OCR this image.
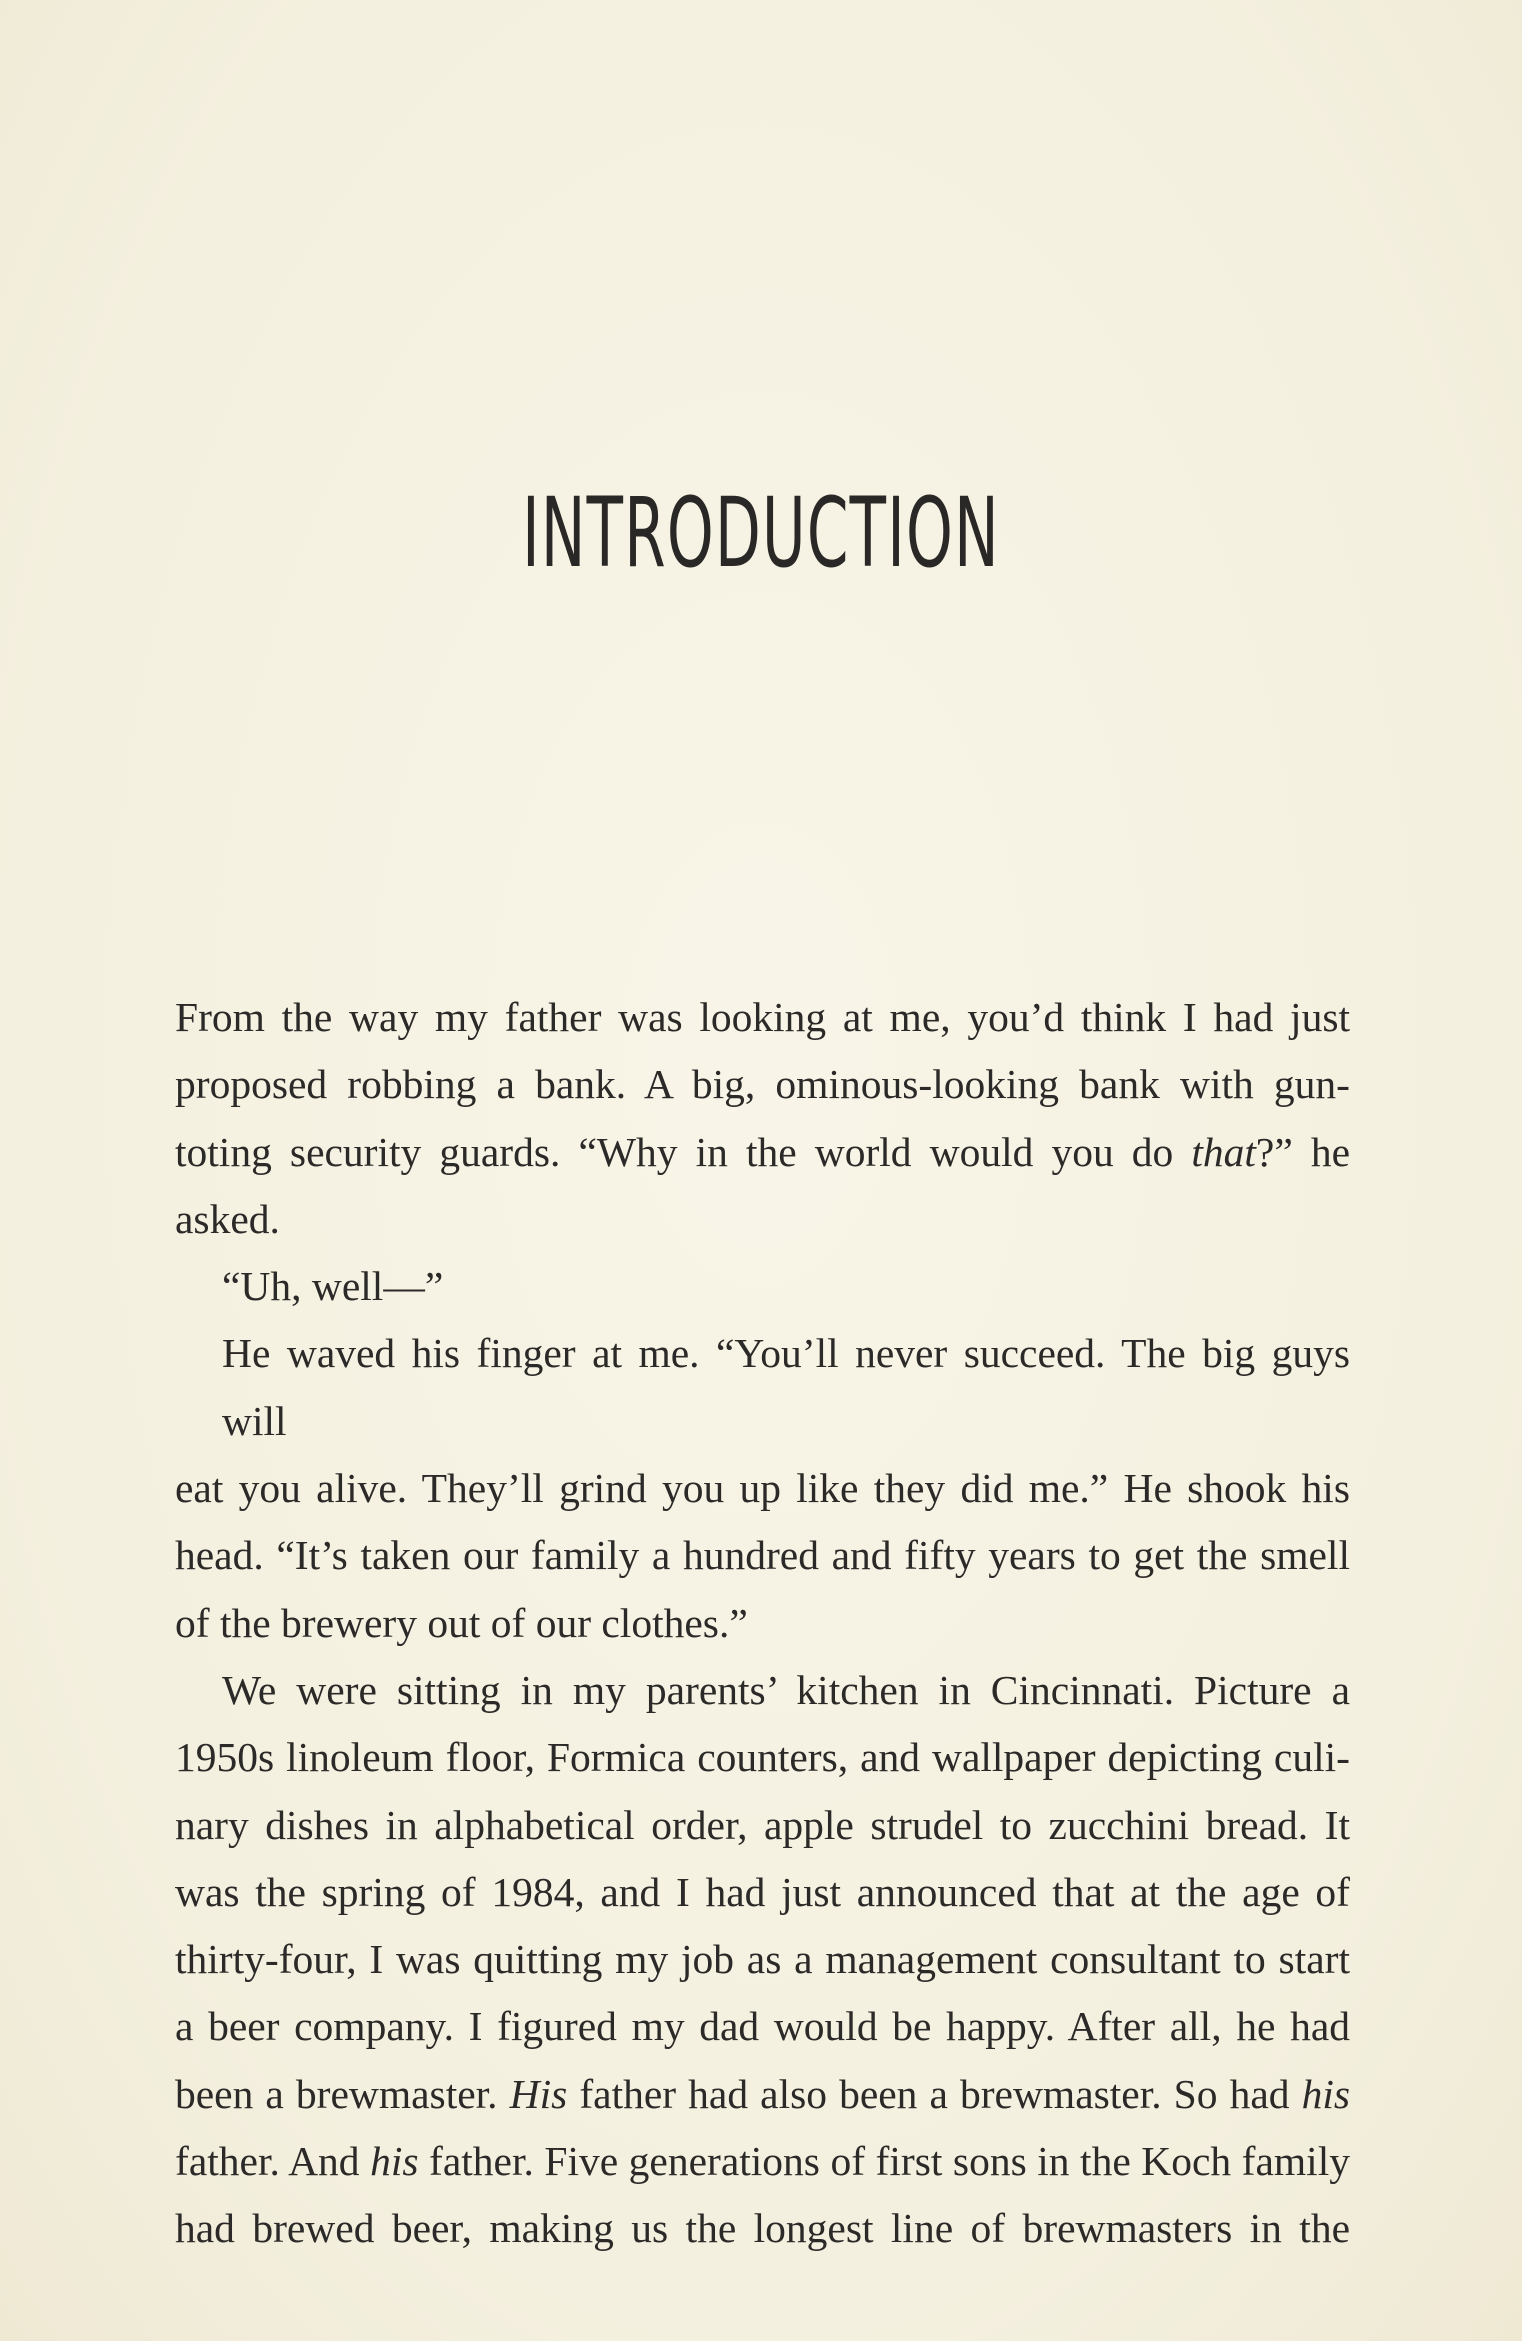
INTRODUCTION

From the way my father was looking at me, you’d think I had just
proposed robbing a bank. A big, ominous-looking bank with gun-
toting security guards. “Why in the world would you do that?” he
asked.

“Uh, well—”

He waved his finger at me. “You’ll never succeed. The big guys will
eat you alive. They’ll grind you up like they did me.” He shook his
head. “It’s taken our family a hundred and fifty years to get the smell
of the brewery out of our clothes.”

We were sitting in my parents’ kitchen in Cincinnati. Picture a
1950s linoleum floor, Formica counters, and wallpaper depicting culi-
nary dishes in alphabetical order, apple strudel to zucchini bread. It
was the spring of 1984, and I had just announced that at the age of
thirty-four, I was quitting my job as a management consultant to start
a beer company. I figured my dad would be happy. After all, he had
been a brewmaster. His father had also been a brewmaster. So had his
father. And his father. Five generations of first sons in the Koch family
had brewed beer, making us the longest line of brewmasters in the
